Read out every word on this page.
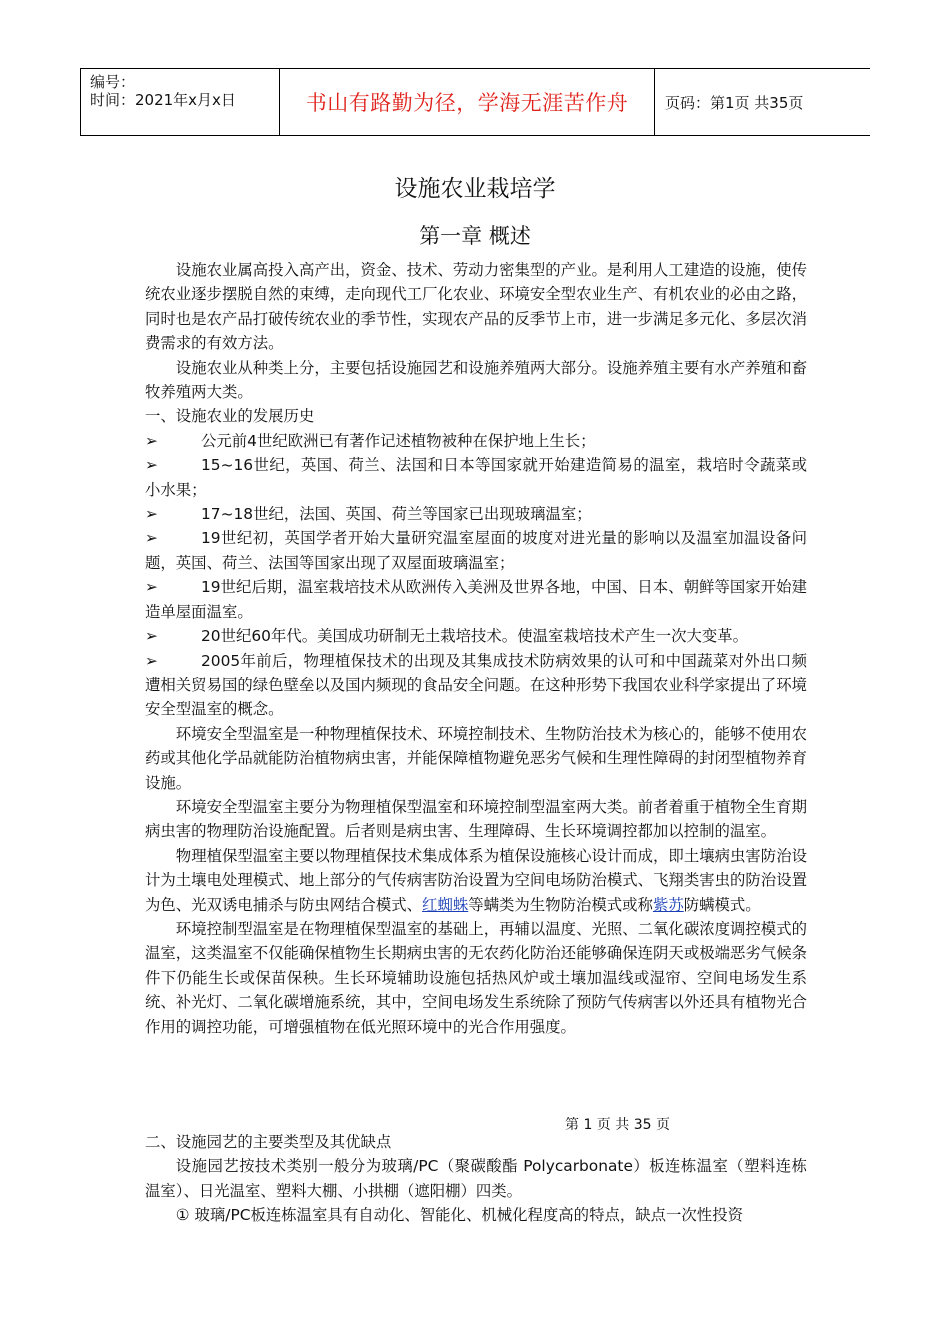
编号：
时间：2021年x月x日	书山有路勤为径，学海无涯苦作舟 页码：第1页 共35页
设施农业栽培学
第一章 概述

设施农业属高投入高产出，资金、技术、劳动力密集型的产业。是利用人工建造的设施，使传统农业逐步摆脱自然的束缚，走向现代工厂化农业、环境安全型农业生产、有机农业的必由之路，同时也是农产品打破传统农业的季节性，实现农产品的反季节上市，进一步满足多元化、多层次消费需求的有效方法。

设施农业从种类上分，主要包括设施园艺和设施养殖两大部分。设施养殖主要有水产养殖和畜牧养殖两大类。

一、设施农业的发展历史

➢	公元前4世纪欧洲已有著作记述植物被种在保护地上生长；

➢	15~16世纪，英国、荷兰、法国和日本等国家就开始建造简易的温室，栽培时令蔬菜或小水果；

➢	17~18世纪，法国、英国、荷兰等国家已出现玻璃温室；

➢	19世纪初，英国学者开始大量研究温室屋面的坡度对进光量的影响以及温室加温设备问题，英国、荷兰、法国等国家出现了双屋面玻璃温室；

➢	19世纪后期，温室栽培技术从欧洲传入美洲及世界各地，中国、日本、朝鲜等国家开始建造单屋面温室。

➢	20世纪60年代。美国成功研制无土栽培技术。使温室栽培技术产生一次大变革。

➢	2005年前后，物理植保技术的出现及其集成技术防病效果的认可和中国蔬菜对外出口频遭相关贸易国的绿色壁垒以及国内频现的食品安全问题。在这种形势下我国农业科学家提出了环境安全型温室的概念。

环境安全型温室是一种物理植保技术、环境控制技术、生物防治技术为核心的，能够不使用农药或其他化学品就能防治植物病虫害，并能保障植物避免恶劣气候和生理性障碍的封闭型植物养育设施。

环境安全型温室主要分为物理植保型温室和环境控制型温室两大类。前者着重于植物全生育期病虫害的物理防治设施配置。后者则是病虫害、生理障碍、生长环境调控都加以控制的温室。

物理植保型温室主要以物理植保技术集成体系为植保设施核心设计而成，即土壤病虫害防治设计为土壤电处理模式、地上部分的气传病害防治设置为空间电场防治模式、飞翔类害虫的防治设置为色、光双诱电捕杀与防虫网结合模式、红蜘蛛等螨类为生物防治模式或称紫苏防螨模式。

环境控制型温室是在物理植保型温室的基础上，再辅以温度、光照、二氧化碳浓度调控模式的温室，这类温室不仅能确保植物生长期病虫害的无农药化防治还能够确保连阴天或极端恶劣气候条件下仍能生长或保苗保秧。生长环境辅助设施包括热风炉或土壤加温线或湿帘、空间电场发生系统、补光灯、二氧化碳增施系统，其中，空间电场发生系统除了预防气传病害以外还具有植物光合作用的调控功能，可增强植物在低光照环境中的光合作用强度。

第 1 页 共 35 页

二、设施园艺的主要类型及其优缺点

设施园艺按技术类别一般分为玻璃/PC（聚碳酸酯 Polycarbonate）板连栋温室（塑料连栋温室）、日光温室、塑料大棚、小拱棚（遮阳棚）四类。

① 玻璃/PC板连栋温室具有自动化、智能化、机械化程度高的特点，缺点一次性投资
